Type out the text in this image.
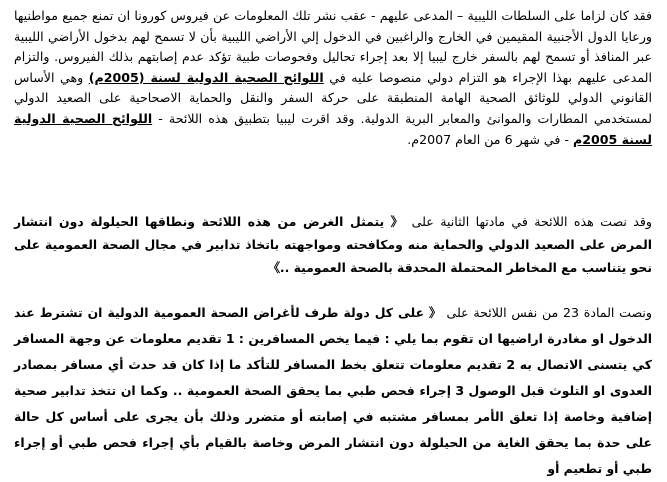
فقد كان لزاما على السلطات الليبية – المدعى عليهم - عقب نشر تلك المعلومات عن فيروس كورونا ان تمنع جميع مواطنيها ورعايا الدول الأجنبية المقيمين في الخارج والراغبين في الدخول إلي الأراضي الليبية بأن لا تسمح لهم بدخول الأراضي الليبية عبر المنافذ أو تسمح لهم بالسفر خارج ليبيا إلا بعد إجراء تحاليل وفحوصات طبية تؤكد عدم إصابتهم بذلك الفيروس. والتزام المدعى عليهم بهذا الإجراء هو التزام دولي منصوصا عليه في اللوائح الصحية الدولية لسنة (2005م) وهي الأساس القانوني الدولي للوثائق الصحية الهامة المنطبقة على حركة السفر والنقل والحماية الاصحاحية على الصعيد الدولي لمستخدمي المطارات والموانئ والمعابر البرية الدولية. وقد اقرت ليبيا بتطبيق هذه اللائحة - اللوائح الصحية الدولية لسنة 2005م - في شهر 6 من العام 2007م.

وقد نصت هذه اللائحة في مادتها الثانية على 《 يتمثل الغرض من هذه اللائحة ونطاقها الحيلولة دون انتشار المرض على الصعيد الدولي والحماية منه ومكافحته ومواجهته باتخاذ تدابير في مجال الصحة العمومية على نحو يتناسب مع المخاطر المحتملة المحدقة بالصحة العمومية ..》

ونصت المادة 23 من نفس اللائحة على 《 على كل دولة طرف لأغراض الصحة العمومية الدولية ان تشترط عند الدخول او مغادرة اراضيها ان تقوم بما يلي : فيما يخص المسافرين : 1 تقديم معلومات عن وجهة المسافر كي يتسنى الاتصال به 2 تقديم معلومات تتعلق بخط المسافر للتأكد ما إذا كان قد حدث أي مسافر بمصادر العدوى او التلوث قبل الوصول 3 إجراء فحص طبي بما يحقق الصحة العمومية .. وكما ان تتخذ تدابير صحية إضافية وخاصة إذا تعلق الأمر بمسافر مشتبه في إصابته أو متضرر وذلك بأن يجرى على أساس كل حالة على حدة بما يحقق الغاية من الحيلولة دون انتشار المرض وخاصة بالقيام بأي إجراء فحص طبي أو إجراء طبي أو تطعيم أو
